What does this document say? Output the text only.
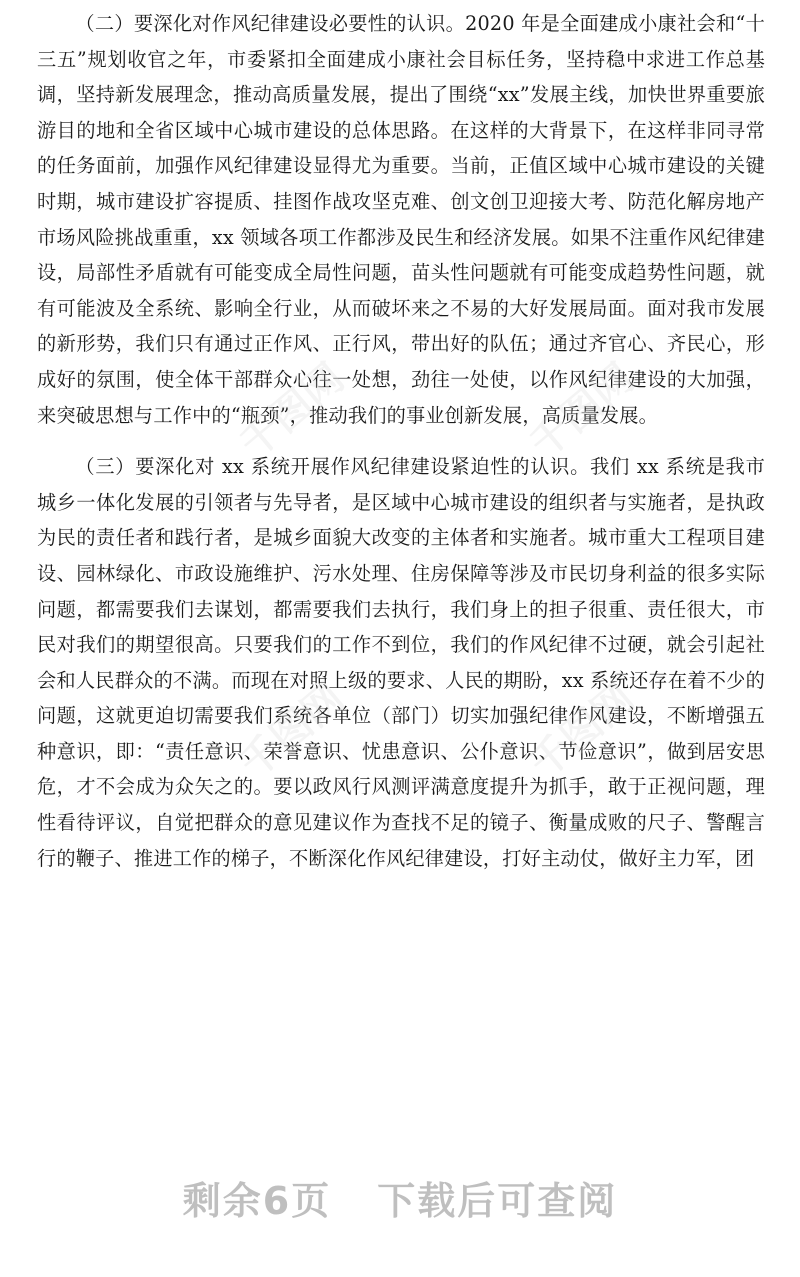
（二）要深化对作风纪律建设必要性的认识。2020 年是全面建成小康社会和“十三五”规划收官之年，市委紧扣全面建成小康社会目标任务，坚持稳中求进工作总基调，坚持新发展理念，推动高质量发展，提出了围绕“xx”发展主线，加快世界重要旅游目的地和全省区域中心城市建设的总体思路。在这样的大背景下，在这样非同寻常的任务面前，加强作风纪律建设显得尤为重要。当前，正值区域中心城市建设的关键时期，城市建设扩容提质、挂图作战攻坚克难、创文创卫迎接大考、防范化解房地产市场风险挑战重重，xx 领域各项工作都涉及民生和经济发展。如果不注重作风纪律建设，局部性矛盾就有可能变成全局性问题，苗头性问题就有可能变成趋势性问题，就有可能波及全系统、影响全行业，从而破坏来之不易的大好发展局面。面对我市发展的新形势，我们只有通过正作风、正行风，带出好的队伍；通过齐官心、齐民心，形成好的氛围，使全体干部群众心往一处想，劲往一处使，以作风纪律建设的大加强，来突破思想与工作中的“瓶颈”，推动我们的事业创新发展，高质量发展。

（三）要深化对 xx 系统开展作风纪律建设紧迫性的认识。我们 xx 系统是我市城乡一体化发展的引领者与先导者，是区域中心城市建设的组织者与实施者，是执政为民的责任者和践行者，是城乡面貌大改变的主体者和实施者。城市重大工程项目建设、园林绿化、市政设施维护、污水处理、住房保障等涉及市民切身利益的很多实际问题，都需要我们去谋划，都需要我们去执行，我们身上的担子很重、责任很大，市民对我们的期望很高。只要我们的工作不到位，我们的作风纪律不过硬，就会引起社会和人民群众的不满。而现在对照上级的要求、人民的期盼，xx 系统还存在着不少的问题，这就更迫切需要我们系统各单位（部门）切实加强纪律作风建设，不断增强五种意识，即：“责任意识、荣誉意识、忧患意识、公仆意识、节俭意识”，做到居安思危，才不会成为众矢之的。要以政风行风测评满意度提升为抓手，敢于正视问题，理性看待评议，自觉把群众的意见建议作为查找不足的镜子、衡量成败的尺子、警醒言行的鞭子、推进工作的梯子，不断深化作风纪律建设，打好主动仗，做好主力军，团

千图网	千图网
千图网	千图网
剩余6页 下载后可查阅
